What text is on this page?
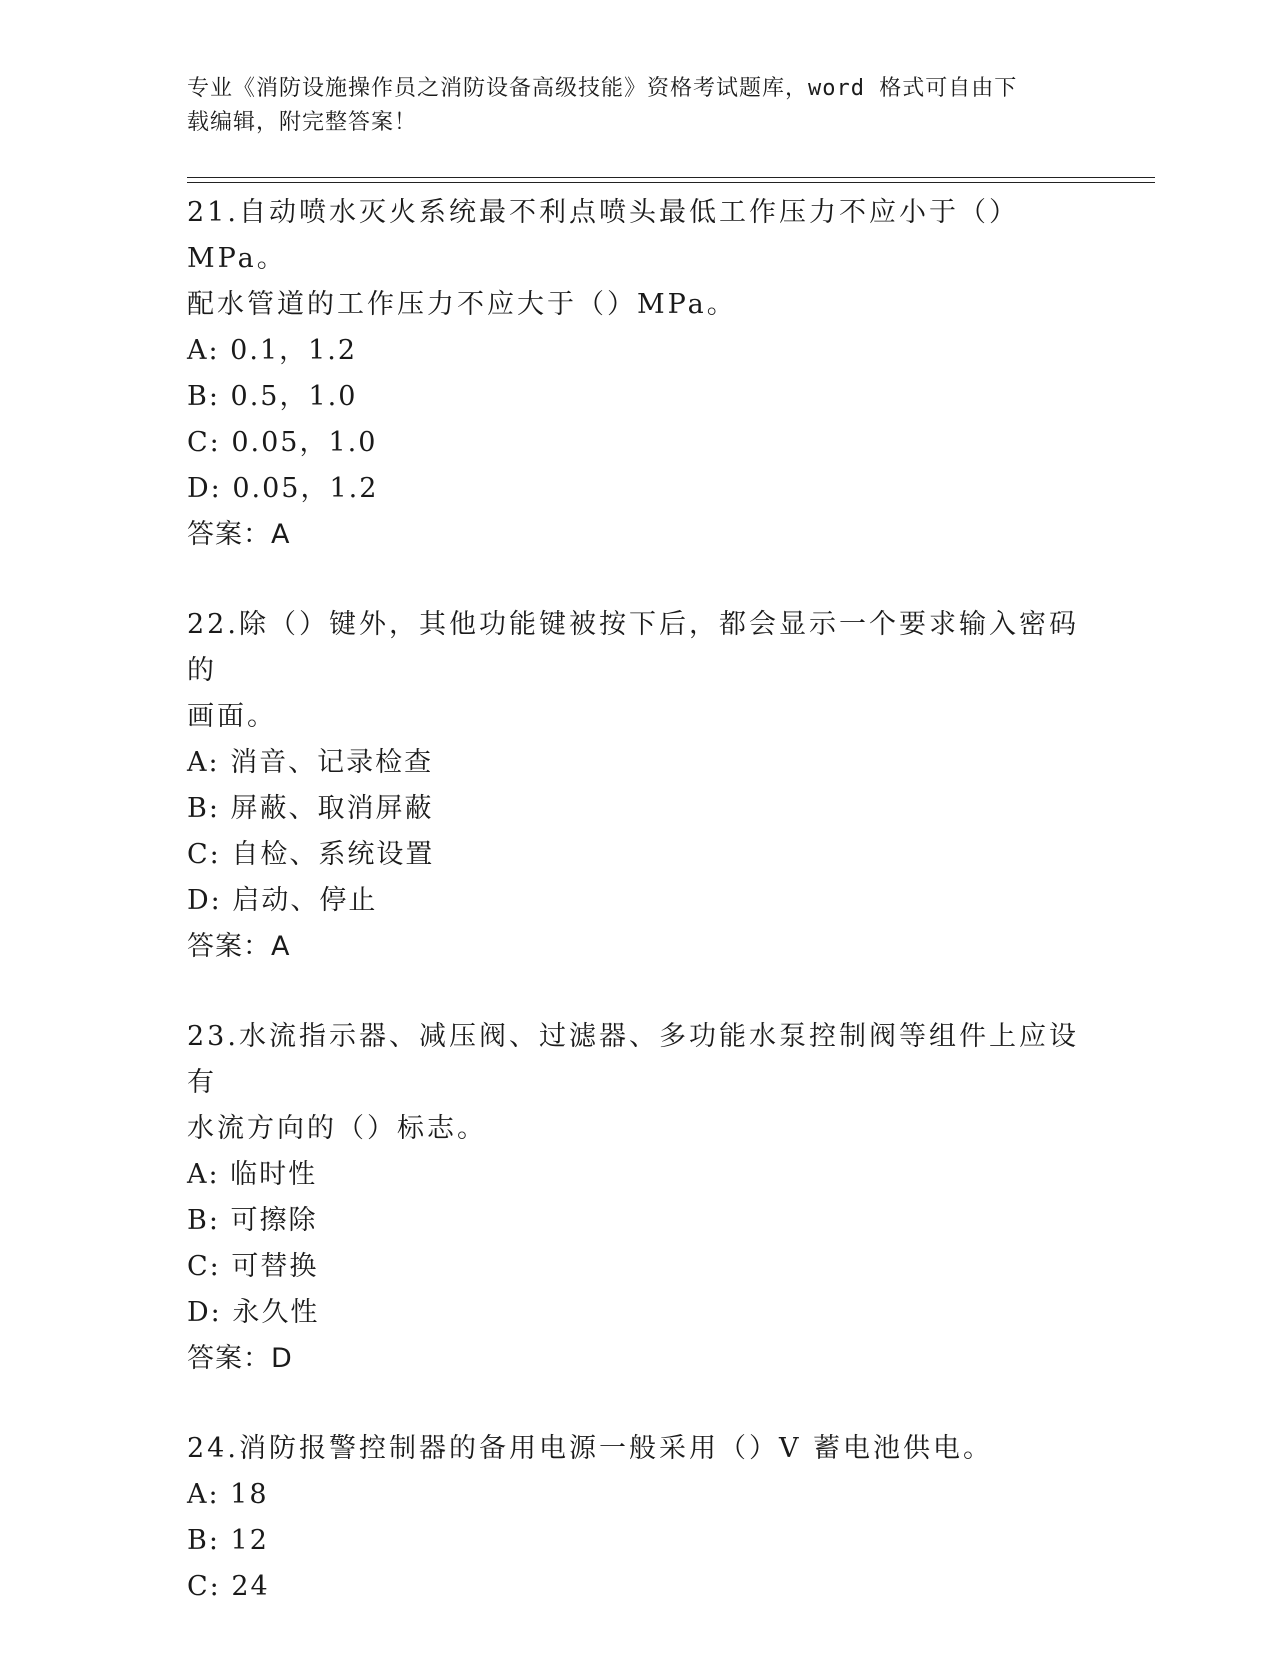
专业《消防设施操作员之消防设备高级技能》资格考试题库，word 格式可自由下
载编辑，附完整答案！
21.自动喷水灭火系统最不利点喷头最低工作压力不应小于（）MPa。
配水管道的工作压力不应大于（）MPa。
A: 0.1，1.2
B: 0.5，1.0
C: 0.05，1.0
D: 0.05，1.2
答案：A
22.除（）键外，其他功能键被按下后，都会显示一个要求输入密码的
画面。
A: 消音、记录检查
B: 屏蔽、取消屏蔽
C: 自检、系统设置
D: 启动、停止
答案：A
23.水流指示器、减压阀、过滤器、多功能水泵控制阀等组件上应设有
水流方向的（）标志。
A: 临时性
B: 可擦除
C: 可替换
D: 永久性
答案：D
24.消防报警控制器的备用电源一般采用（）V 蓄电池供电。
A: 18
B: 12
C: 24
